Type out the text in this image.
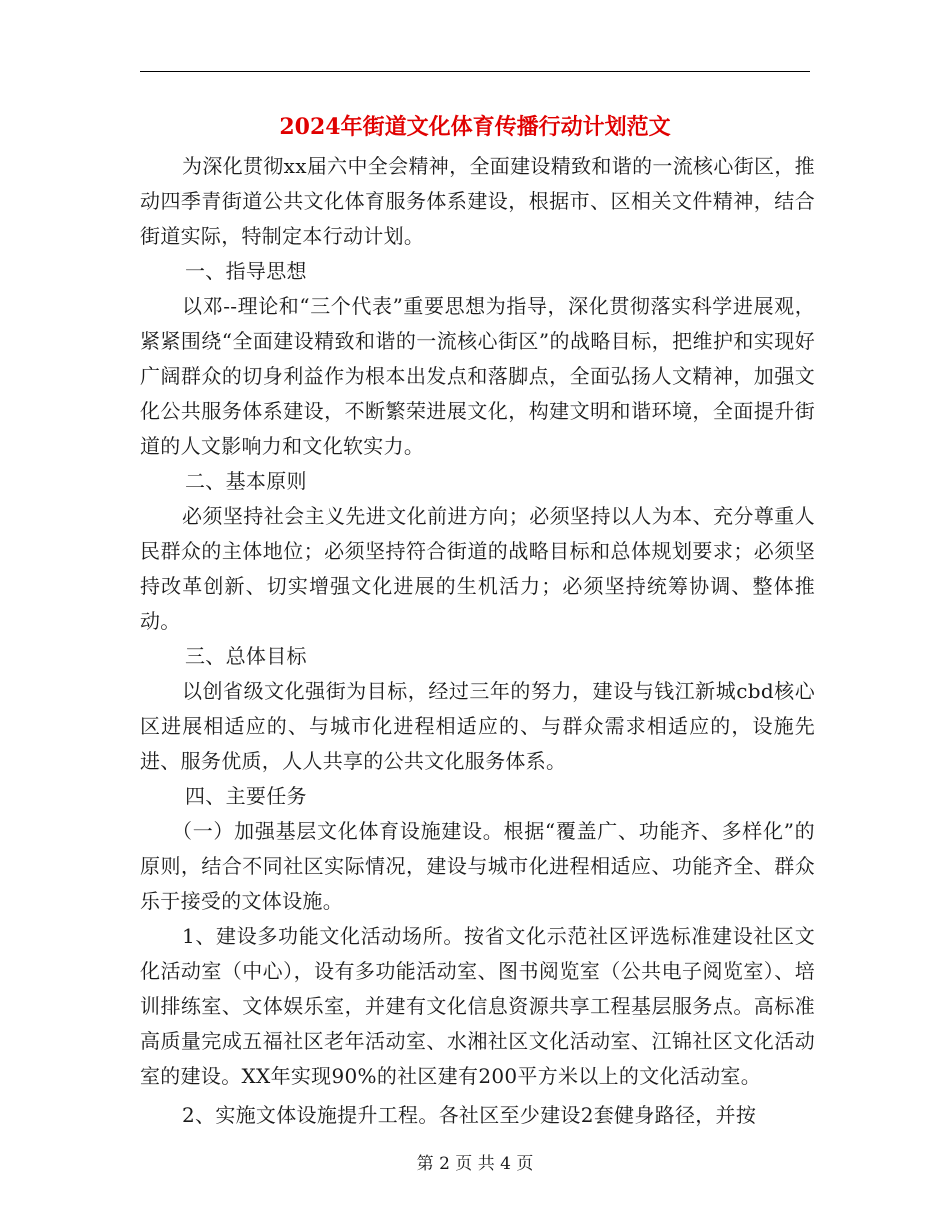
2024年街道文化体育传播行动计划范文

为深化贯彻xx届六中全会精神，全面建设精致和谐的一流核心街区，推动四季青街道公共文化体育服务体系建设，根据市、区相关文件精神，结合街道实际，特制定本行动计划。

一、指导思想

以邓--理论和“三个代表”重要思想为指导，深化贯彻落实科学进展观，紧紧围绕“全面建设精致和谐的一流核心街区”的战略目标，把维护和实现好广阔群众的切身利益作为根本出发点和落脚点，全面弘扬人文精神，加强文化公共服务体系建设，不断繁荣进展文化，构建文明和谐环境，全面提升街道的人文影响力和文化软实力。

二、基本原则

必须坚持社会主义先进文化前进方向；必须坚持以人为本、充分尊重人民群众的主体地位；必须坚持符合街道的战略目标和总体规划要求；必须坚持改革创新、切实增强文化进展的生机活力；必须坚持统筹协调、整体推动。

三、总体目标

以创省级文化强街为目标，经过三年的努力，建设与钱江新城cbd核心区进展相适应的、与城市化进程相适应的、与群众需求相适应的，设施先进、服务优质，人人共享的公共文化服务体系。

四、主要任务

（一）加强基层文化体育设施建设。根据“覆盖广、功能齐、多样化”的原则，结合不同社区实际情况，建设与城市化进程相适应、功能齐全、群众乐于接受的文体设施。

1、建设多功能文化活动场所。按省文化示范社区评选标准建设社区文化活动室（中心），设有多功能活动室、图书阅览室（公共电子阅览室）、培训排练室、文体娱乐室，并建有文化信息资源共享工程基层服务点。高标准高质量完成五福社区老年活动室、水湘社区文化活动室、江锦社区文化活动室的建设。XX年实现90%的社区建有200平方米以上的文化活动室。

2、实施文体设施提升工程。各社区至少建设2套健身路径，并按

第 2 页 共 4 页
